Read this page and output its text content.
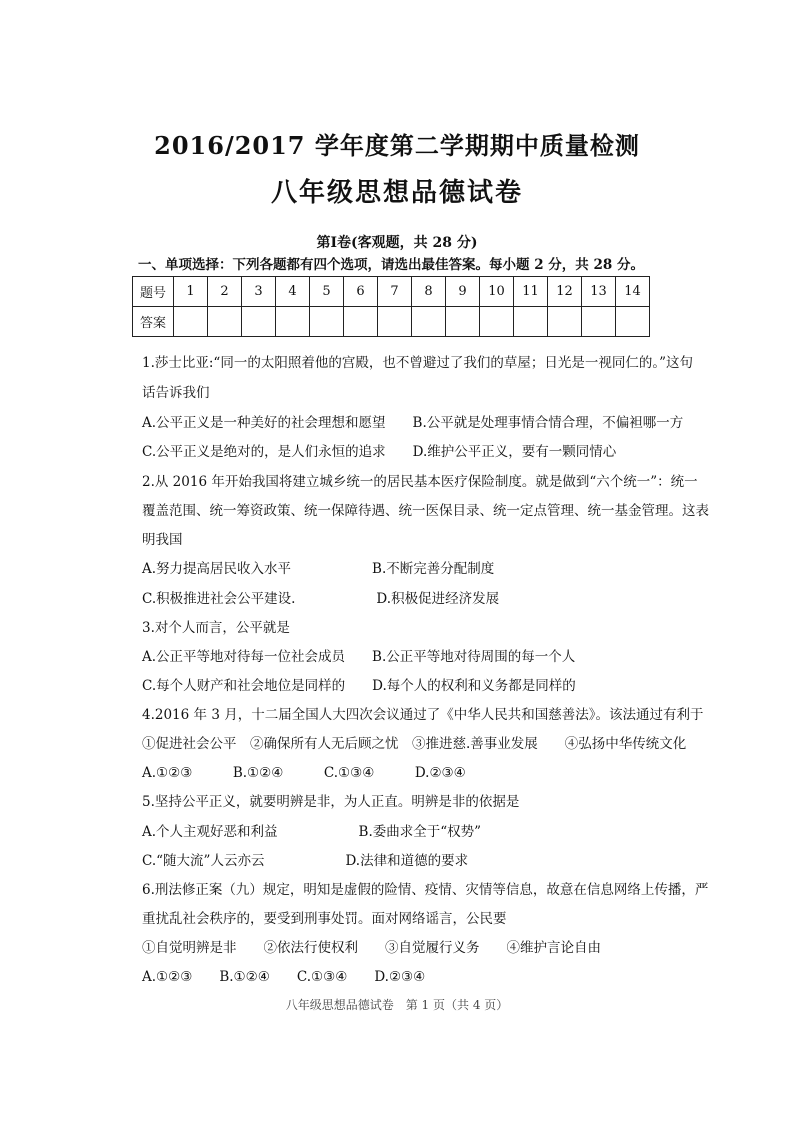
2016/2017 学年度第二学期期中质量检测
八年级思想品德试卷
第Ⅰ卷(客观题，共 28 分)
一、单项选择：下列各题都有四个选项，请选出最佳答案。每小题 2 分，共 28 分。
题号	1	2	3	4	5	6	7	8	9	10	11	12	13	14
答案														
1.莎士比亚:“同一的太阳照着他的宫殿，也不曾避过了我们的草屋；日光是一视同仁的。”这句
话告诉我们
A.公平正义是一种美好的社会理想和愿望　　B.公平就是处理事情合情合理，不偏袒哪一方
C.公平正义是绝对的，是人们永恒的追求　　D.维护公平正义，要有一颗同情心
2.从 2016 年开始我国将建立城乡统一的居民基本医疗保险制度。就是做到“六个统一”：统一
覆盖范围、统一筹资政策、统一保障待遇、统一医保目录、统一定点管理、统一基金管理。这表
明我国
A.努力提高居民收入水平　　　　　　B.不断完善分配制度
C.积极推进社会公平建设.　　　　　　D.积极促进经济发展
3.对个人而言，公平就是
A.公正平等地对待每一位社会成员　　B.公正平等地对待周围的每一个人
C.每个人财产和社会地位是同样的　　D.每个人的权利和义务都是同样的
4.2016 年 3 月，十二届全国人大四次会议通过了《中华人民共和国慈善法》。该法通过有利于
①促进社会公平　②确保所有人无后顾之忧　③推进慈.善事业发展　　④弘扬中华传统文化
A.①②③　　　B.①②④　　　C.①③④　　　D.②③④
5.坚持公平正义，就要明辨是非，为人正直。明辨是非的依据是
A.个人主观好恶和利益　　　　　　B.委曲求全于“权势”
C.“随大流”人云亦云　　　　　　D.法律和道德的要求
6.刑法修正案（九）规定，明知是虚假的险情、疫情、灾情等信息，故意在信息网络上传播，严
重扰乱社会秩序的，要受到刑事处罚。面对网络谣言，公民要
①自觉明辨是非　　②依法行使权利　　③自觉履行义务　　④维护言论自由
A.①②③　　B.①②④　　C.①③④　　D.②③④
八年级思想品德试卷　第 1 页（共 4 页）
